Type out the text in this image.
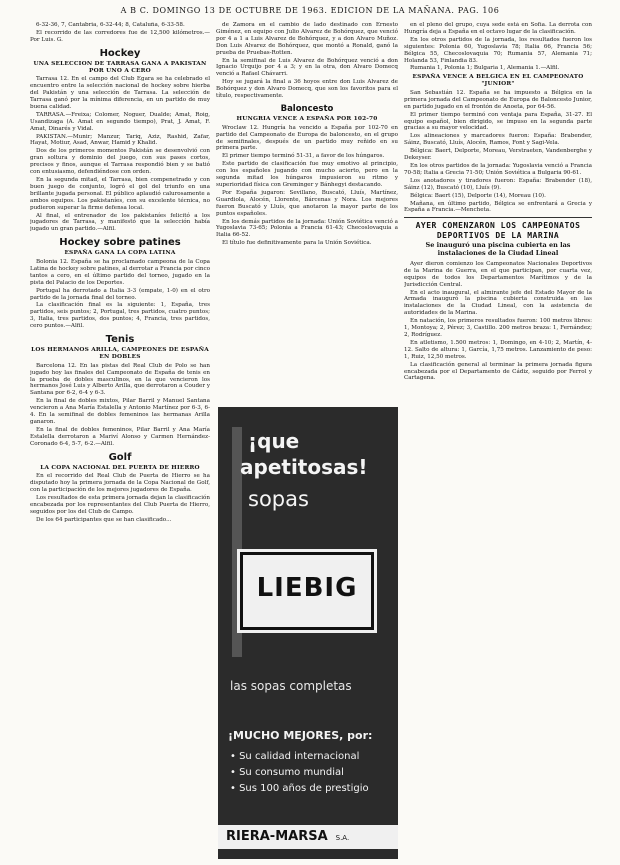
A B C. DOMINGO 13 DE OCTUBRE DE 1963. EDICION DE LA MAÑANA. PAG. 106

6-32-36, 7, Cantabria, 6-32-44; 8, Cataluña, 6-33-58.

El recorrido de las corredores fue de 12,500 kilómetros.—Por Luis. G.

Hockey
UNA SELECCION DE TARRASA GANA A PAKISTAN POR UNO A CERO

Tarrasa 12. En el campo del Club Egara se ha celebrado el encuentro entre la selección nacional de hockey sobre hierba del Pakistán y una selección de Tarrasa. La selección de Tarrasa ganó por la mínima diferencia, en un partido de muy buena calidad.

TARRASA.—Freixa; Colomer, Noguer, Dualde; Amat, Roig, Usandizaga (A. Amat en segundo tiempo), Prat, J. Amat, F. Amat, Dinarés y Vidal.

PAKISTAN.—Munir; Manzur, Tariq, Aziz, Rashid, Zafar, Hayat, Motiur, Asad, Anwar, Hamid y Khalid.

Dos de los primeros momentos Pakistán se desenvolvió con gran soltura y dominio del juego, con sus pases cortos, precisos y finos, aunque el Tarrasa respondió bien y se batió con entusiasmo, defendiéndose con orden.

En la segunda mitad, el Tarrasa, bien compenetrado y con buen juego de conjunto, logró el gol del triunfo en una brillante jugada personal. El público aplaudió calurosamente a ambos equipos. Los pakistaníes, con su excelente técnica, no pudieron superar la firme defensa local.

Al final, el entrenador de los pakistaníes felicitó a los jugadores de Tarrasa, y manifestó que la selección había jugado un gran partido.—Alfil.

Hockey sobre patines
ESPAÑA GANA LA COPA LATINA

Bolonia 12. España se ha proclamado campeona de la Copa Latina de hockey sobre patines, al derrotar a Francia por cinco tantos a cero, en el último partido del torneo, jugado en la pista del Palacio de los Deportes.

Portugal ha derrotado a Italia 3-3 (empate, 1-0) en el otro partido de la jornada final del torneo.

La clasificación final es la siguiente: 1, España, tres partidos, seis puntos; 2, Portugal, tres partidos, cuatro puntos; 3, Italia, tres partidos, dos puntos; 4, Francia, tres partidos, cero puntos.—Alfil.

Tenis
LOS HERMANOS ARILLA, CAMPEONES DE ESPAÑA EN DOBLES

Barcelona 12. En las pistas del Real Club de Polo se han jugado hoy las finales del Campeonato de España de tenis en la prueba de dobles masculinos, en la que vencieron los hermanos José Luis y Alberto Arilla, que derrotaron a Couder y Santana por 6-2, 6-4 y 6-3.

En la final de dobles mixtos, Pilar Barril y Manuel Santana vencieron a Ana María Estalella y Antonio Martínez por 6-3, 6-4. En la semifinal de dobles femeninos las hermanas Arilla ganaron.

En la final de dobles femeninos, Pilar Barril y Ana María Estalella derrotaron a Mariví Alonso y Carmen Hernández-Coronado 6-4, 5-7, 6-2.—Alfil.

Golf
LA COPA NACIONAL DEL PUERTA DE HIERRO

En el recorrido del Real Club de Puerta de Hierro se ha disputado hoy la primera jornada de la Copa Nacional de Golf, con la participación de los mejores jugadores de España.

Los resultados de esta primera jornada dejan la clasificación encabezada por los representantes del Club Puerta de Hierro, seguidos por los del Club de Campo.

De los 64 participantes que se han clasificado...

de Zamora en el cambio de lado destinado con Ernesto Giménez, en equipo con Julio Alvarez de Bohórquez, que venció por 4 a 1 a Luis Alvarez de Bohórquez, y a don Alvaro Muñoz. Don Luis Alvarez de Bohórquez, que montó a Ronald, ganó la prueba de Pruebas-Rotten.

En la semifinal de Luis Alvarez de Bohórquez venció a don Ignacio Urquijo por 4 a 3; y en la otra, don Alvaro Domecq venció a Rafael Chávarri.

Hoy se jugará la final a 36 hoyos entre don Luis Alvarez de Bohórquez y don Alvaro Domecq, que son los favoritos para el título, respectivamente.

Baloncesto
HUNGRIA VENCE A ESPAÑA POR 102-70

Wroclaw 12. Hungría ha vencido a España por 102-70 en partido del Campeonato de Europa de baloncesto, en el grupo de semifinales, después de un partido muy reñido en su primera parte.

El primer tiempo terminó 51-31, a favor de los húngaros.

Este partido de clasificación fue muy emotivo al principio, con los españoles jugando con mucho acierto, pero en la segunda mitad los húngaros impusieron su ritmo y superioridad física con Greminger y Bánhegyi destacando.

Por España jugaron: Sevillano, Buscató, Lluís, Martínez, Guardiola, Alocén, Llorente, Bárcenas y Nora. Los mejores fueron Buscató y Lluís, que anotaron la mayor parte de los puntos españoles.

En los demás partidos de la jornada: Unión Soviética venció a Yugoslavia 73-65; Polonia a Francia 61-43; Checoslovaquia a Italia 66-52.

El título fue definitivamente para la Unión Soviética.

¡que
apetitosas!
sopas
LIEBIG
las sopas completas
¡MUCHO MEJORES, por:
• Su calidad internacional
• Su consumo mundial
• Sus 100 años de prestigio
RIERA-MARSA S.A.

en el pleno del grupo, cuya sede está en Sofía. La derrota con Hungría deja a España en el octavo lugar de la clasificación.

En los otros partidos de la jornada, los resultados fueron los siguientes: Polonia 60, Yugoslavia 78; Italia 66, Francia 56; Bélgica 55, Checoslovaquia 70; Rumania 57, Alemania 71; Holanda 53, Finlandia 83.

Rumania 1, Polonia 1; Bulgaria 1, Alemania 1.—Alfil.

ESPAÑA VENCE A BELGICA EN EL CAMPEONATO "JUNIOR"

San Sebastián 12. España se ha impuesto a Bélgica en la primera jornada del Campeonato de Europa de Baloncesto Junior, en partido jugado en el frontón de Anoeta, por 64-56.

El primer tiempo terminó con ventaja para España, 31-27. El equipo español, bien dirigido, se impuso en la segunda parte gracias a su mayor velocidad.

Los alineaciones y marcadores fueron: España: Brabender, Sáinz, Buscató, Lluís, Alocén, Ramos, Font y Sagi-Vela.

Bélgica: Baert, Delporte, Moreau, Verstraeten, Vandenberghe y Dekeyser.

En los otros partidos de la jornada: Yugoslavia venció a Francia 70-58; Italia a Grecia 71-50; Unión Soviética a Bulgaria 90-61.

Los anotadores y tiradores fueron: España: Brabender (18), Sáinz (12), Buscató (10), Lluís (9).

Bélgica: Baert (15), Delporte (14), Moreau (10).

Mañana, en último partido, Bélgica se enfrentará a Grecia y España a Francia.—Mencheta.

AYER COMENZARON LOS CAMPEONATOS DEPORTIVOS DE LA MARINA
Se inauguró una piscina cubierta en las instalaciones de la Ciudad Lineal

Ayer dieron comienzo los Campeonatos Nacionales Deportivos de la Marina de Guerra, en el que participan, por cuarta vez, equipos de todos los Departamentos Marítimos y de la Jurisdicción Central.

En el acto inaugural, el almirante jefe del Estado Mayor de la Armada inauguró la piscina cubierta construida en las instalaciones de la Ciudad Lineal, con la asistencia de autoridades de la Marina.

En natación, los primeros resultados fueron: 100 metros libres: 1, Montoya; 2, Pérez; 3, Castillo. 200 metros braza: 1, Fernández; 2, Rodríguez.

En atletismo, 1.500 metros: 1, Domingo, en 4-10; 2, Martín, 4-12. Salto de altura: 1, García, 1,75 metros. Lanzamiento de peso: 1, Ruiz, 12,50 metros.

La clasificación general al terminar la primera jornada figura encabezada por el Departamento de Cádiz, seguido por Ferrol y Cartagena.
